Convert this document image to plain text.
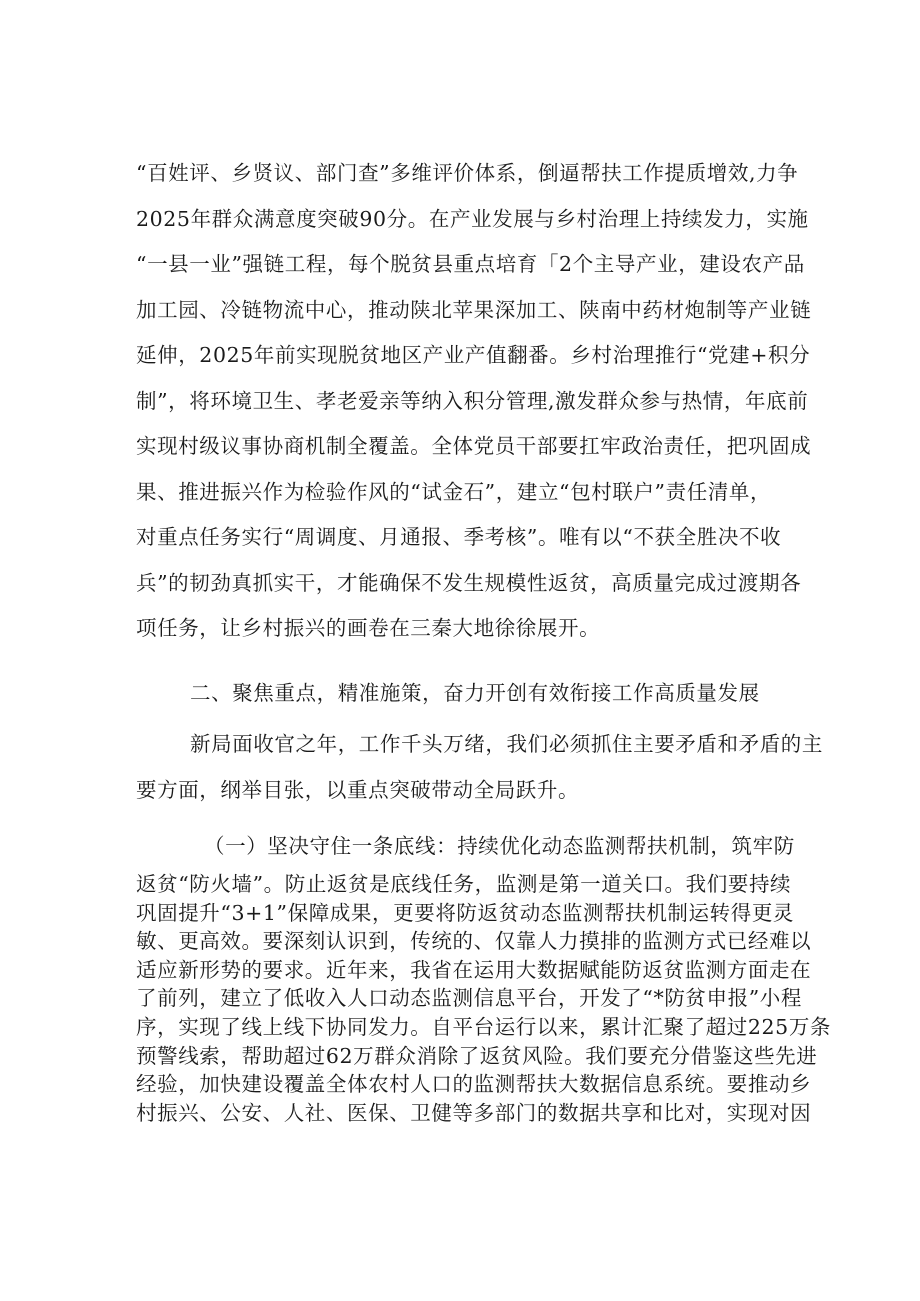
“百姓评、乡贤议、部门查”多维评价体系，倒逼帮扶工作提质增效,力争
2025年群众满意度突破90分。在产业发展与乡村治理上持续发力，实施
“一县一业”强链工程，每个脱贫县重点培育「2个主导产业，建设农产品
加工园、冷链物流中心，推动陕北苹果深加工、陕南中药材炮制等产业链
延伸，2025年前实现脱贫地区产业产值翻番。乡村治理推行“党建+积分
制”，将环境卫生、孝老爱亲等纳入积分管理,激发群众参与热情，年底前
实现村级议事协商机制全覆盖。全体党员干部要扛牢政治责任，把巩固成
果、推进振兴作为检验作风的“试金石”，建立“包村联户”责任清单，
对重点任务实行“周调度、月通报、季考核”。唯有以“不获全胜决不收
兵”的韧劲真抓实干，才能确保不发生规模性返贫，高质量完成过渡期各
项任务，让乡村振兴的画卷在三秦大地徐徐展开。
二、聚焦重点，精准施策，奋力开创有效衔接工作高质量发展
新局面收官之年，工作千头万绪，我们必须抓住主要矛盾和矛盾的主
要方面，纲举目张，以重点突破带动全局跃升。
（一）坚决守住一条底线：持续优化动态监测帮扶机制，筑牢防
返贫“防火墙”。防止返贫是底线任务，监测是第一道关口。我们要持续
巩固提升“3+1”保障成果，更要将防返贫动态监测帮扶机制运转得更灵
敏、更高效。要深刻认识到，传统的、仅靠人力摸排的监测方式已经难以
适应新形势的要求。近年来，我省在运用大数据赋能防返贫监测方面走在
了前列，建立了低收入人口动态监测信息平台，开发了“*防贫申报”小程
序，实现了线上线下协同发力。自平台运行以来，累计汇聚了超过225万条
预警线索，帮助超过62万群众消除了返贫风险。我们要充分借鉴这些先进
经验，加快建设覆盖全体农村人口的监测帮扶大数据信息系统。要推动乡
村振兴、公安、人社、医保、卫健等多部门的数据共享和比对，实现对因
